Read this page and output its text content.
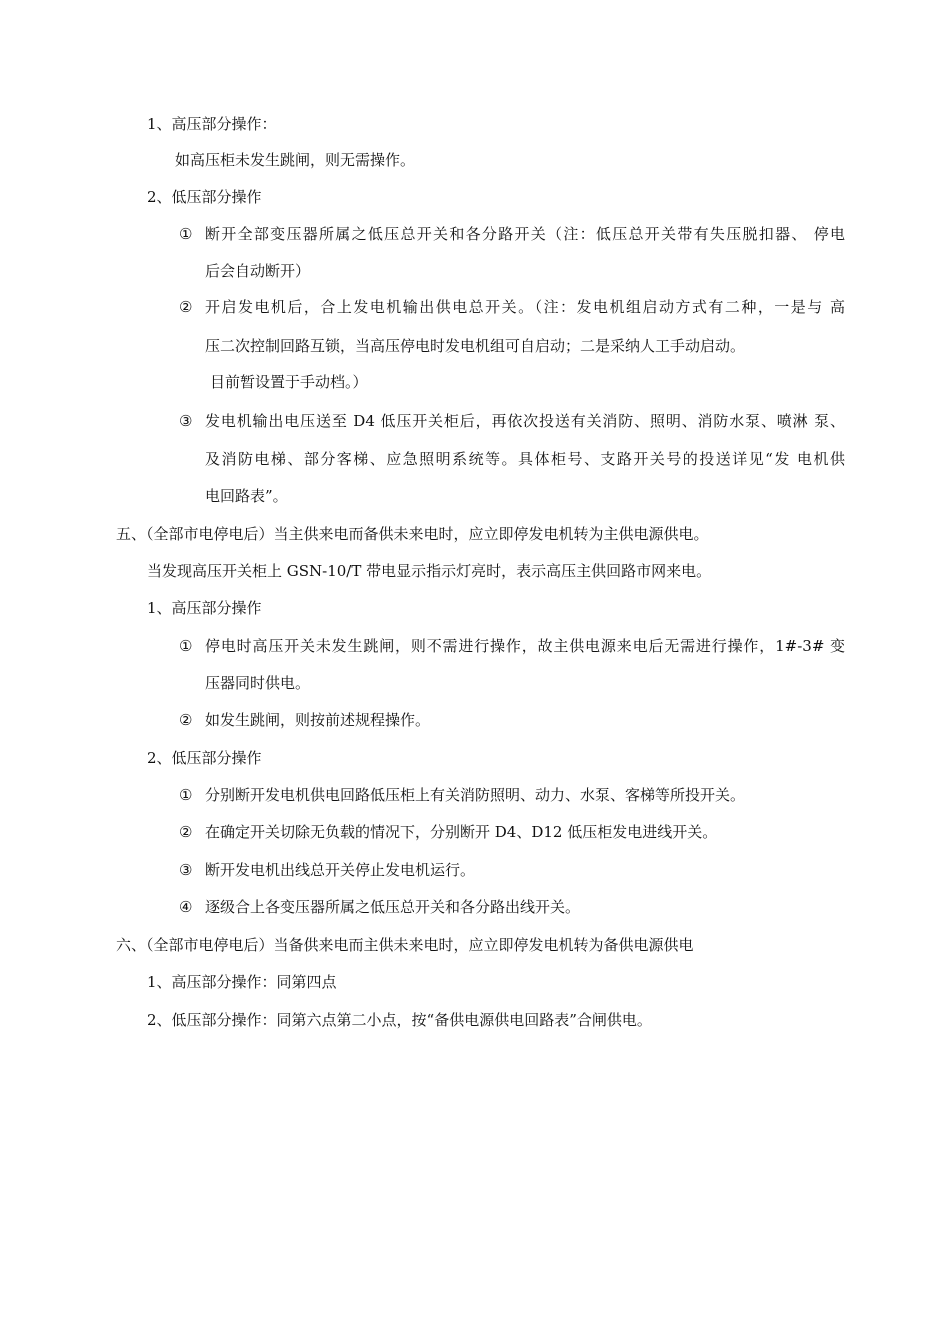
1、高压部分操作：
如高压柜未发生跳闸，则无需操作。
2、低压部分操作
① 断开全部变压器所属之低压总开关和各分路开关（注：低压总开关带有失压脱扣器、 停电
后会自动断开）
② 开启发电机后，合上发电机输出供电总开关。（注：发电机组启动方式有二种，一是与 高
压二次控制回路互锁，当高压停电时发电机组可自启动；二是采纳人工手动启动。
目前暂设置于手动档。）
③ 发电机输出电压送至 D4 低压开关柜后，再依次投送有关消防、照明、消防水泵、喷淋 泵、
及消防电梯、部分客梯、应急照明系统等。具体柜号、支路开关号的投送详见“发 电机供
电回路表”。
五、（全部市电停电后）当主供来电而备供未来电时，应立即停发电机转为主供电源供电。
当发现高压开关柜上 GSN-10/T 带电显示指示灯亮时，表示高压主供回路市网来电。
1、高压部分操作
① 停电时高压开关未发生跳闸，则不需进行操作，故主供电源来电后无需进行操作，1#-3# 变
压器同时供电。
② 如发生跳闸，则按前述规程操作。
2、低压部分操作
① 分别断开发电机供电回路低压柜上有关消防照明、动力、水泵、客梯等所投开关。
② 在确定开关切除无负载的情况下，分别断开 D4、D12 低压柜发电进线开关。
③ 断开发电机出线总开关停止发电机运行。
④ 逐级合上各变压器所属之低压总开关和各分路出线开关。
六、（全部市电停电后）当备供来电而主供未来电时，应立即停发电机转为备供电源供电
1、高压部分操作：同第四点
2、低压部分操作：同第六点第二小点，按“备供电源供电回路表”合闸供电。
